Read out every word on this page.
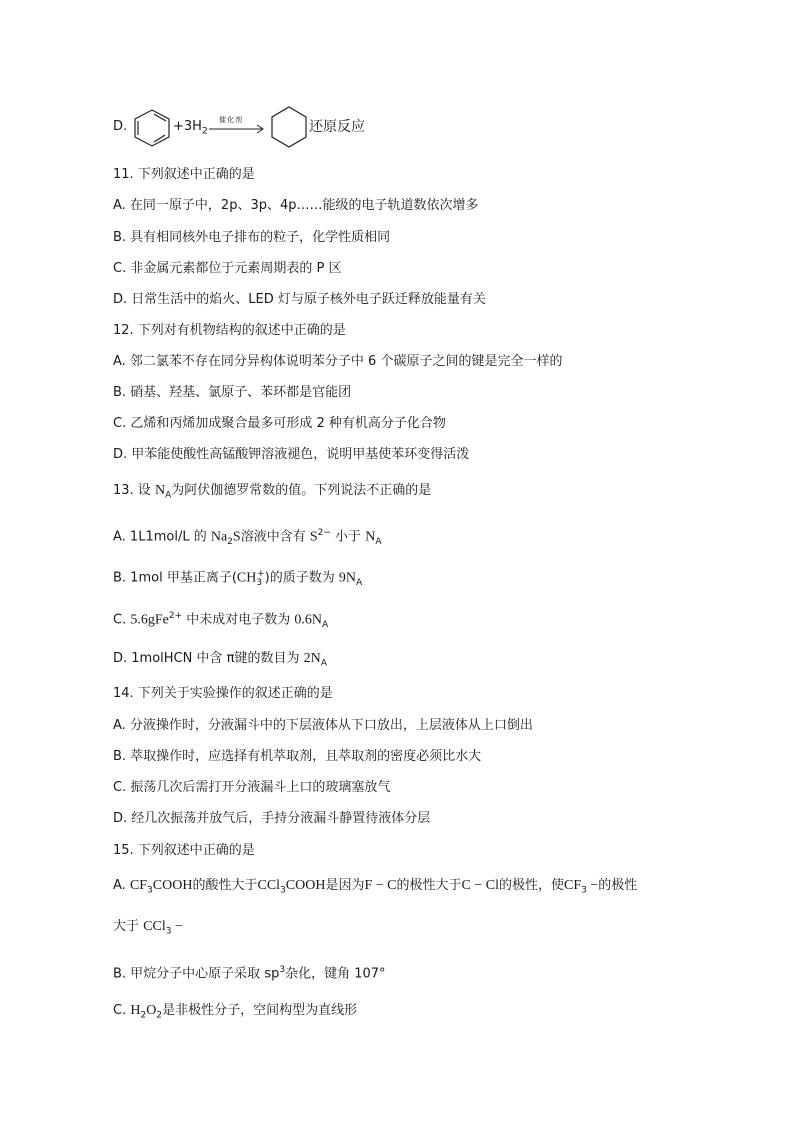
D.	$+3H_2$
催化剂	还原反应
11. 下列叙述中正确的是
A. 在同一原子中，2p、3p、4p……能级的电子轨道数依次增多
B. 具有相同核外电子排布的粒子，化学性质相同
C. 非金属元素都位于元素周期表的 P 区
D. 日常生活中的焰火、LED 灯与原子核外电子跃迁释放能量有关
12. 下列对有机物结构的叙述中正确的是
A. 邻二氯苯不存在同分异构体说明苯分子中 6 个碳原子之间的键是完全一样的
B. 硝基、羟基、氯原子、苯环都是官能团
C. 乙烯和丙烯加成聚合最多可形成 2 种有机高分子化合物
D. 甲苯能使酸性高锰酸钾溶液褪色，说明甲基使苯环变得活泼
13. 设 $N_A$为阿伏伽德罗常数的值。下列说法不正确的是
A. 1L1mol/L 的 $Na_2S$溶液中含有 $S^{2-}$ 小于 $N_A$
B. 1mol 甲基正离子$(CH_3^+)$的质子数为 $9N_A$
C. 5.6gFe$^{2+}$ 中未成对电子数为 $0.6N_A$
D. 1molHCN 中含 π键的数目为 $2N_A$
14. 下列关于实验操作的叙述正确的是
A. 分液操作时，分液漏斗中的下层液体从下口放出，上层液体从上口倒出
B. 萃取操作时，应选择有机萃取剂，且萃取剂的密度必须比水大
C. 振荡几次后需打开分液漏斗上口的玻璃塞放气
D. 经几次振荡并放气后，手持分液漏斗静置待液体分层
15. 下列叙述中正确的是
A. $CF_3COOH$的酸性大于CCl$_3$COOH是因为F − C的极性大于C − Cl的极性，使$CF_3$ −的极性
大于 CCl$_3$ −
B. 甲烷分子中心原子采取 $sp^3$杂化，键角 107°
C. $H_2O_2$是非极性分子，空间构型为直线形
